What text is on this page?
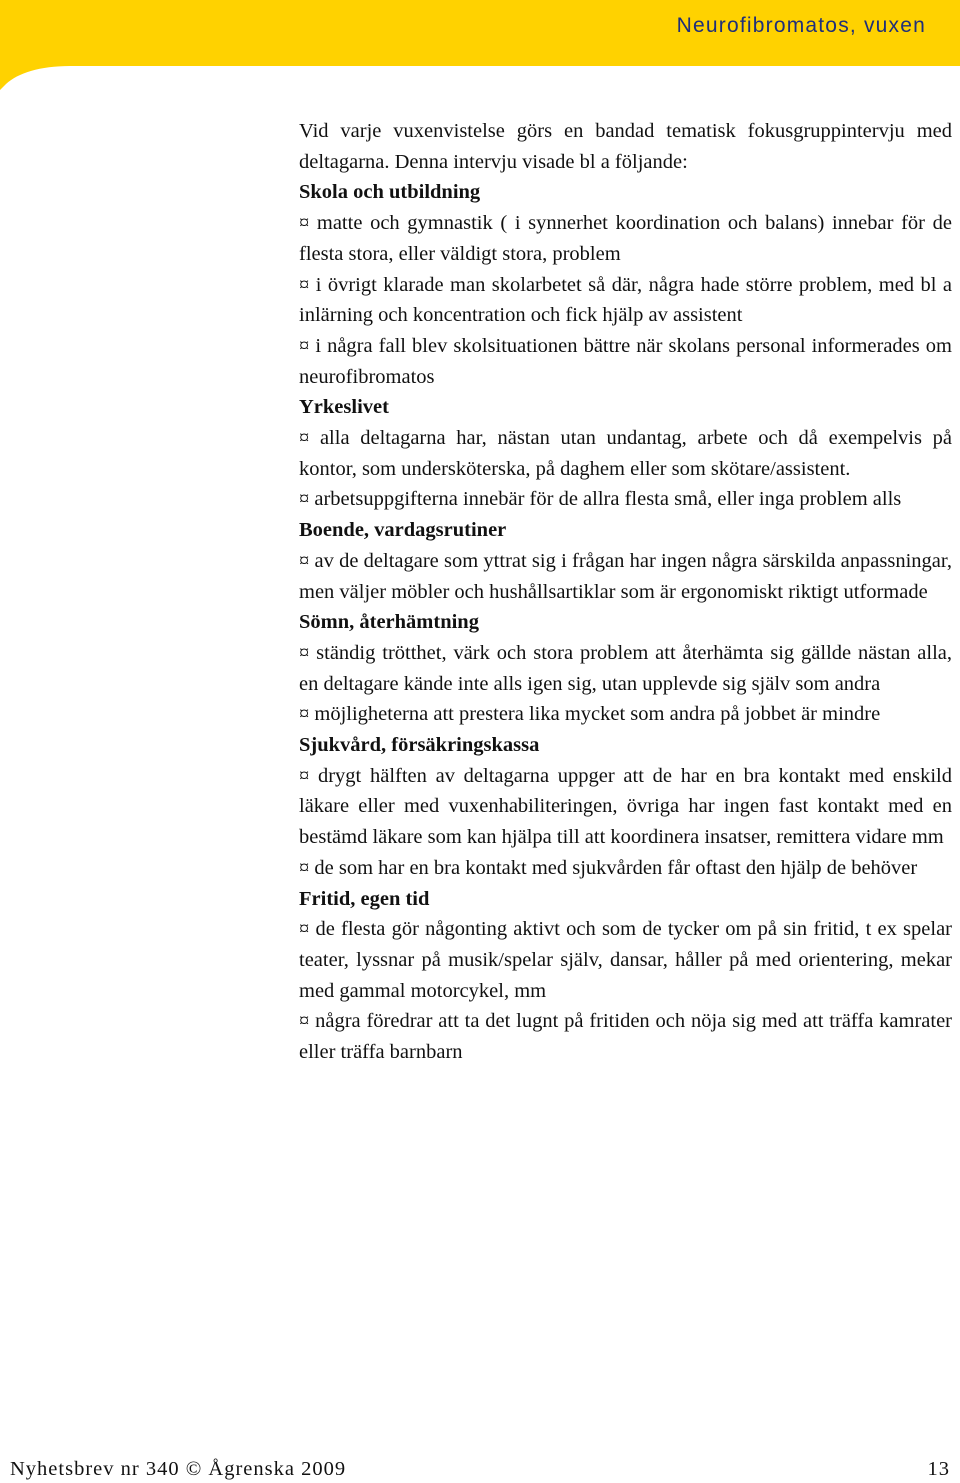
Neurofibromatos, vuxen

Vid varje vuxenvistelse görs en bandad tematisk fokusgruppintervju med deltagarna. Denna intervju visade bl a följande:

Skola och utbildning

¤ matte och gymnastik ( i synnerhet koordination och balans) innebar för de flesta stora, eller väldigt stora, problem

¤ i övrigt klarade man skolarbetet så där, några hade större problem, med bl a inlärning och koncentration och fick hjälp av assistent

¤ i några fall blev skolsituationen bättre när skolans personal informerades om neurofibromatos

Yrkeslivet

¤ alla deltagarna har, nästan utan undantag, arbete och då exempelvis på kontor, som undersköterska, på daghem eller som skötare/assistent.

¤ arbetsuppgifterna innebär för de allra flesta små, eller inga problem alls

Boende, vardagsrutiner

¤ av de deltagare som yttrat sig i frågan har ingen några särskilda anpassningar, men väljer möbler och hushållsartiklar som är ergonomiskt riktigt utformade

Sömn, återhämtning

¤ ständig trötthet, värk och stora problem att återhämta sig gällde nästan alla, en deltagare kände inte alls igen sig, utan upplevde sig själv som andra

¤ möjligheterna att prestera lika mycket som andra på jobbet är mindre

Sjukvård, försäkringskassa

¤ drygt hälften av deltagarna uppger att de har en bra kontakt med enskild läkare eller med vuxenhabiliteringen, övriga har ingen fast kontakt med en bestämd läkare som kan hjälpa till att koordinera insatser, remittera vidare mm

¤ de som har en bra kontakt med sjukvården får oftast den hjälp de behöver

Fritid, egen tid

¤ de flesta gör någonting aktivt och som de tycker om på sin fritid, t ex spelar teater, lyssnar på musik/spelar själv, dansar, håller på med orientering, mekar med gammal motorcykel, mm

¤ några föredrar att ta det lugnt på fritiden och nöja sig med att träffa kamrater eller träffa barnbarn

Nyhetsbrev nr 340 © Ågrenska 2009	13
